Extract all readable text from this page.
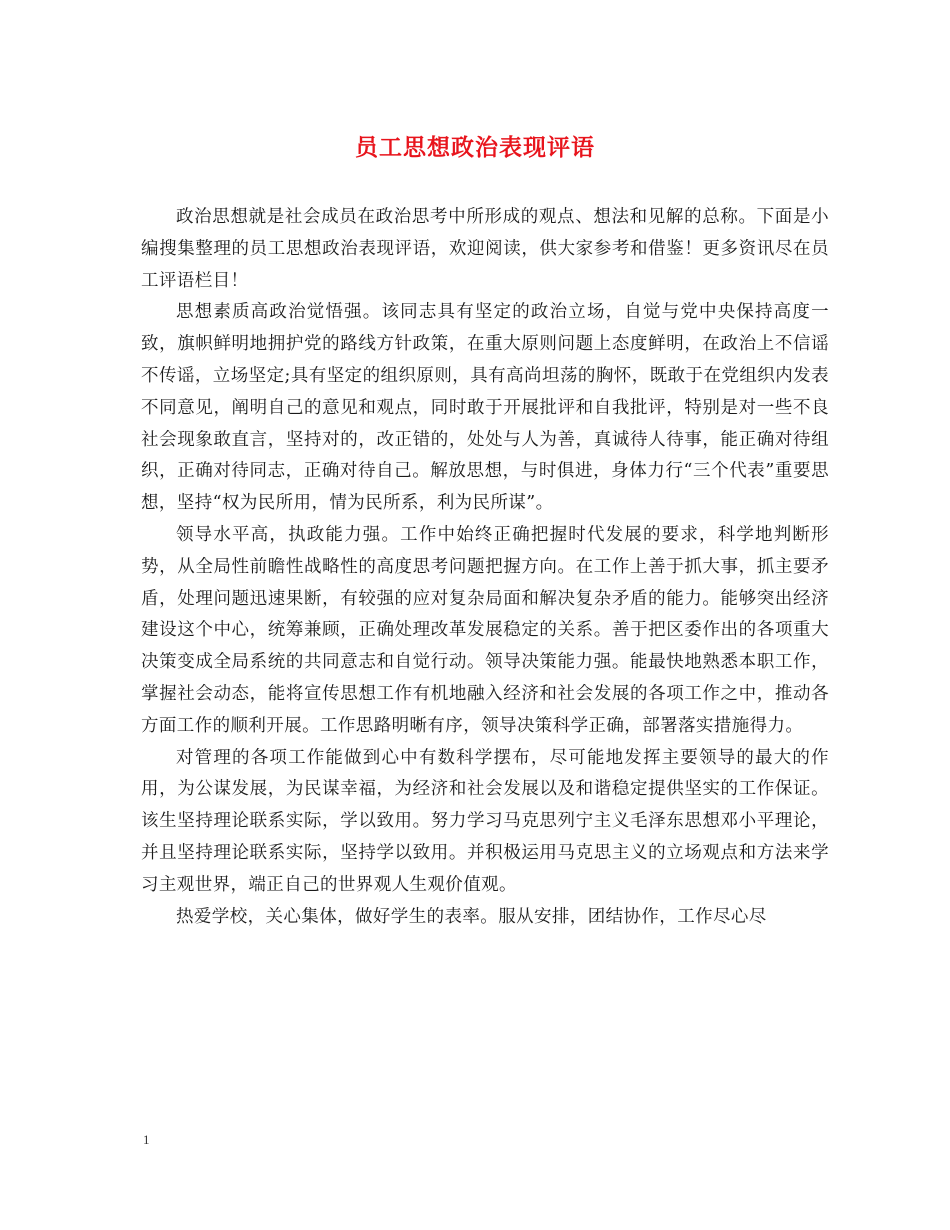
员工思想政治表现评语

政治思想就是社会成员在政治思考中所形成的观点、想法和见解的总称。下面是小编搜集整理的员工思想政治表现评语，欢迎阅读，供大家参考和借鉴！更多资讯尽在员工评语栏目！

思想素质高政治觉悟强。该同志具有坚定的政治立场，自觉与党中央保持高度一致，旗帜鲜明地拥护党的路线方针政策，在重大原则问题上态度鲜明，在政治上不信谣不传谣，立场坚定;具有坚定的组织原则，具有高尚坦荡的胸怀，既敢于在党组织内发表不同意见，阐明自己的意见和观点，同时敢于开展批评和自我批评，特别是对一些不良社会现象敢直言，坚持对的，改正错的，处处与人为善，真诚待人待事，能正确对待组织，正确对待同志，正确对待自己。解放思想，与时俱进，身体力行“三个代表”重要思想，坚持“权为民所用，情为民所系，利为民所谋”。

领导水平高，执政能力强。工作中始终正确把握时代发展的要求，科学地判断形势，从全局性前瞻性战略性的高度思考问题把握方向。在工作上善于抓大事，抓主要矛盾，处理问题迅速果断，有较强的应对复杂局面和解决复杂矛盾的能力。能够突出经济建设这个中心，统筹兼顾，正确处理改革发展稳定的关系。善于把区委作出的各项重大决策变成全局系统的共同意志和自觉行动。领导决策能力强。能最快地熟悉本职工作，掌握社会动态，能将宣传思想工作有机地融入经济和社会发展的各项工作之中，推动各方面工作的顺利开展。工作思路明晰有序，领导决策科学正确，部署落实措施得力。

对管理的各项工作能做到心中有数科学摆布，尽可能地发挥主要领导的最大的作用，为公谋发展，为民谋幸福，为经济和社会发展以及和谐稳定提供坚实的工作保证。该生坚持理论联系实际，学以致用。努力学习马克思列宁主义毛泽东思想邓小平理论，并且坚持理论联系实际，坚持学以致用。并积极运用马克思主义的立场观点和方法来学习主观世界，端正自己的世界观人生观价值观。

热爱学校，关心集体，做好学生的表率。服从安排，团结协作，工作尽心尽

1
